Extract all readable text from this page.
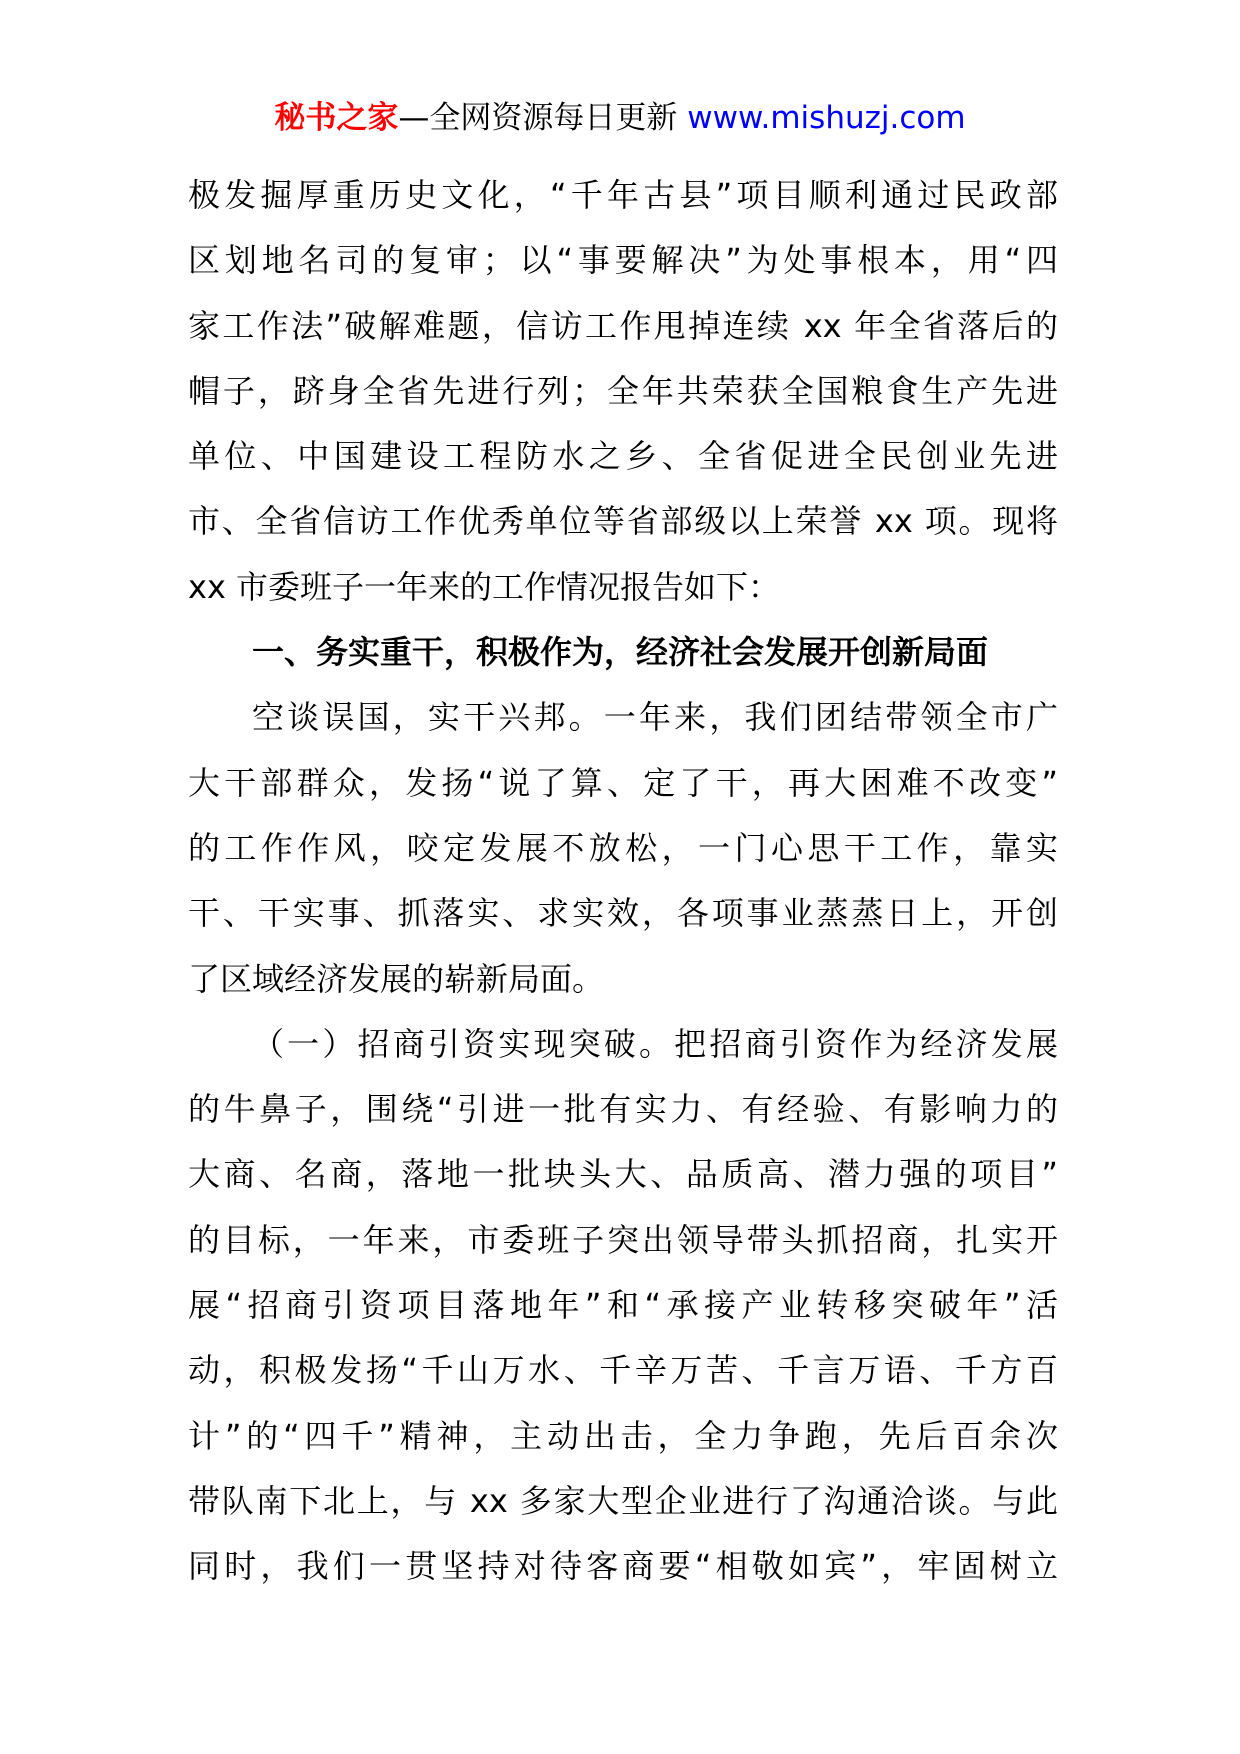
秘书之家—全网资源每日更新 www.mishuzj.com
极发掘厚重历史文化，“千年古县”项目顺利通过民政部
区划地名司的复审；以“事要解决”为处事根本，用“四
家工作法”破解难题，信访工作甩掉连续 xx 年全省落后的
帽子，跻身全省先进行列；全年共荣获全国粮食生产先进
单位、中国建设工程防水之乡、全省促进全民创业先进
市、全省信访工作优秀单位等省部级以上荣誉 xx 项。现将
xx 市委班子一年来的工作情况报告如下：
一、务实重干，积极作为，经济社会发展开创新局面
空谈误国，实干兴邦。一年来，我们团结带领全市广
大干部群众，发扬“说了算、定了干，再大困难不改变”
的工作作风，咬定发展不放松，一门心思干工作，靠实
干、干实事、抓落实、求实效，各项事业蒸蒸日上，开创
了区域经济发展的崭新局面。
（一）招商引资实现突破。把招商引资作为经济发展
的牛鼻子，围绕“引进一批有实力、有经验、有影响力的
大商、名商，落地一批块头大、品质高、潜力强的项目”
的目标，一年来，市委班子突出领导带头抓招商，扎实开
展“招商引资项目落地年”和“承接产业转移突破年”活
动，积极发扬“千山万水、千辛万苦、千言万语、千方百
计”的“四千”精神，主动出击，全力争跑，先后百余次
带队南下北上，与 xx 多家大型企业进行了沟通洽谈。与此
同时，我们一贯坚持对待客商要“相敬如宾”，牢固树立
